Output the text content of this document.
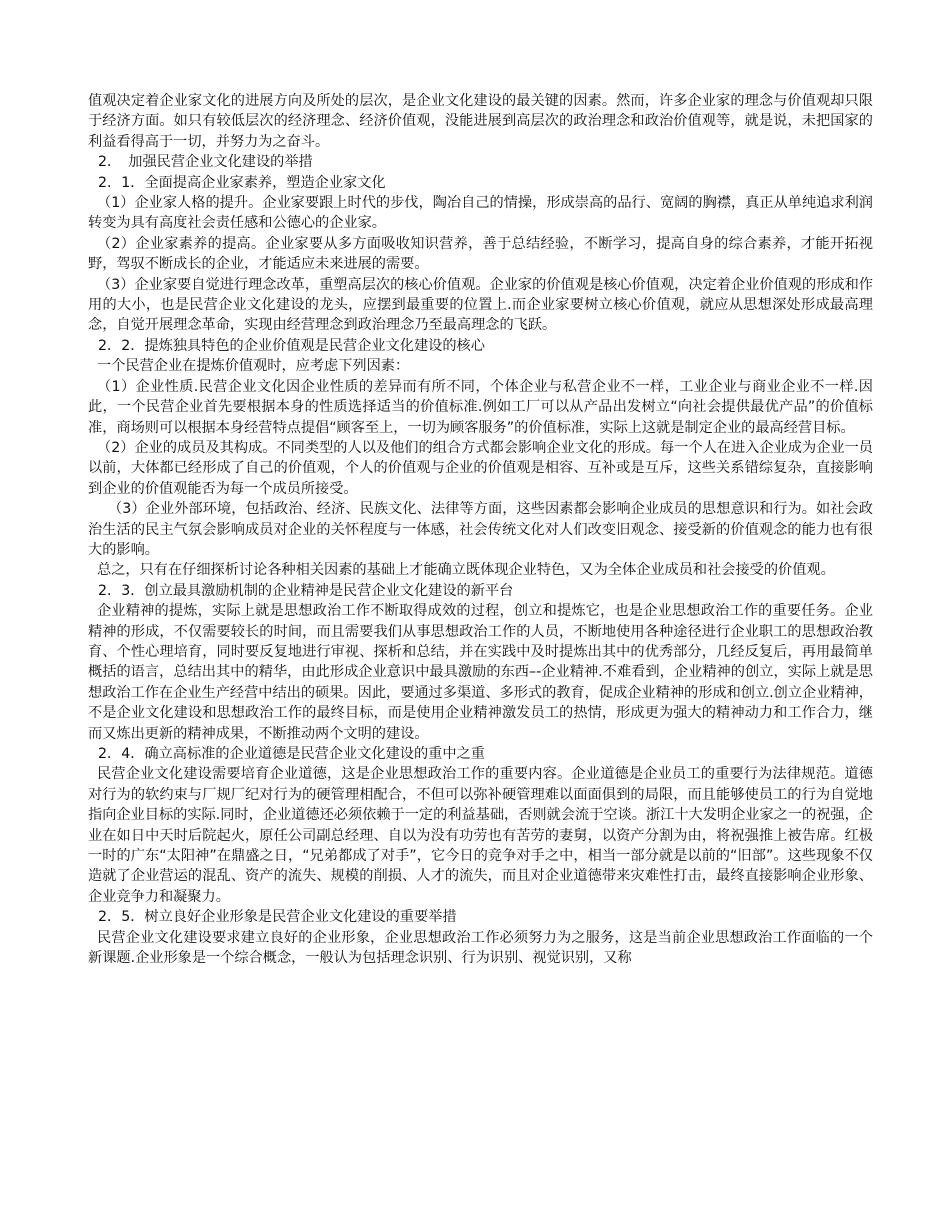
值观决定着企业家文化的进展方向及所处的层次，是企业文化建设的最关键的因素。然而，许多企业家的理念与价值观却只限于经济方面。如只有较低层次的经济理念、经济价值观，没能进展到高层次的政治理念和政治价值观等，就是说，未把国家的利益看得高于一切，并努力为之奋斗。

2．　加强民营企业文化建设的举措

2．1．全面提高企业家素养，塑造企业家文化

（1）企业家人格的提升。企业家要跟上时代的步伐，陶冶自己的情操，形成崇高的品行、宽阔的胸襟，真正从单纯追求利润转变为具有高度社会责任感和公德心的企业家。

（2）企业家素养的提高。企业家要从多方面吸收知识营养，善于总结经验，不断学习，提高自身的综合素养，才能开拓视野，驾驭不断成长的企业，才能适应未来进展的需要。

（3）企业家要自觉进行理念改革，重塑高层次的核心价值观。企业家的价值观是核心价值观，决定着企业价值观的形成和作用的大小，也是民营企业文化建设的龙头，应摆到最重要的位置上.而企业家要树立核心价值观，就应从思想深处形成最高理念，自觉开展理念革命，实现由经营理念到政治理念乃至最高理念的飞跃。

2．2．提炼独具特色的企业价值观是民营企业文化建设的核心

一个民营企业在提炼价值观时，应考虑下列因素：

（1）企业性质.民营企业文化因企业性质的差异而有所不同，个体企业与私营企业不一样，工业企业与商业企业不一样.因此，一个民营企业首先要根据本身的性质选择适当的价值标准.例如工厂可以从产品出发树立“向社会提供最优产品”的价值标准，商场则可以根据本身经营特点提倡“顾客至上，一切为顾客服务”的价值标准，实际上这就是制定企业的最高经营目标。

（2）企业的成员及其构成。不同类型的人以及他们的组合方式都会影响企业文化的形成。每一个人在进入企业成为企业一员以前，大体都已经形成了自己的价值观，个人的价值观与企业的价值观是相容、互补或是互斥，这些关系错综复杂，直接影响到企业的价值观能否为每一个成员所接受。

（3）企业外部环境，包括政治、经济、民族文化、法律等方面，这些因素都会影响企业成员的思想意识和行为。如社会政治生活的民主气氛会影响成员对企业的关怀程度与一体感，社会传统文化对人们改变旧观念、接受新的价值观念的能力也有很大的影响。

总之，只有在仔细探析讨论各种相关因素的基础上才能确立既体现企业特色，又为全体企业成员和社会接受的价值观。

2．3．创立最具激励机制的企业精神是民营企业文化建设的新平台

企业精神的提炼，实际上就是思想政治工作不断取得成效的过程，创立和提炼它，也是企业思想政治工作的重要任务。企业精神的形成，不仅需要较长的时间，而且需要我们从事思想政治工作的人员，不断地使用各种途径进行企业职工的思想政治教育、个性心理培育，同时要反复地进行审视、探析和总结，并在实践中及时提炼出其中的优秀部分，几经反复后，再用最简单概括的语言，总结出其中的精华，由此形成企业意识中最具激励的东西–-企业精神.不难看到，企业精神的创立，实际上就是思想政治工作在企业生产经营中结出的硕果。因此，要通过多渠道、多形式的教育，促成企业精神的形成和创立.创立企业精神，不是企业文化建设和思想政治工作的最终目标，而是使用企业精神激发员工的热情，形成更为强大的精神动力和工作合力，继而又炼出更新的精神成果，不断推动两个文明的建设。

2．4．确立高标准的企业道德是民营企业文化建设的重中之重

民营企业文化建设需要培育企业道德，这是企业思想政治工作的重要内容。企业道德是企业员工的重要行为法律规范。道德对行为的软约束与厂规厂纪对行为的硬管理相配合，不但可以弥补硬管理难以面面俱到的局限，而且能够使员工的行为自觉地指向企业目标的实际.同时，企业道德还必须依赖于一定的利益基础，否则就会流于空谈。浙江十大发明企业家之一的祝强，企业在如日中天时后院起火，原任公司副总经理、自以为没有功劳也有苦劳的妻舅，以资产分割为由，将祝强推上被告席。红极一时的广东“太阳神”在鼎盛之日，“兄弟都成了对手”，它今日的竞争对手之中，相当一部分就是以前的“旧部”。这些现象不仅造就了企业营运的混乱、资产的流失、规模的削损、人才的流失，而且对企业道德带来灾难性打击，最终直接影响企业形象、企业竞争力和凝聚力。

2．5．树立良好企业形象是民营企业文化建设的重要举措

民营企业文化建设要求建立良好的企业形象，企业思想政治工作必须努力为之服务，这是当前企业思想政治工作面临的一个新课题.企业形象是一个综合概念，一般认为包括理念识别、行为识别、视觉识别，又称
